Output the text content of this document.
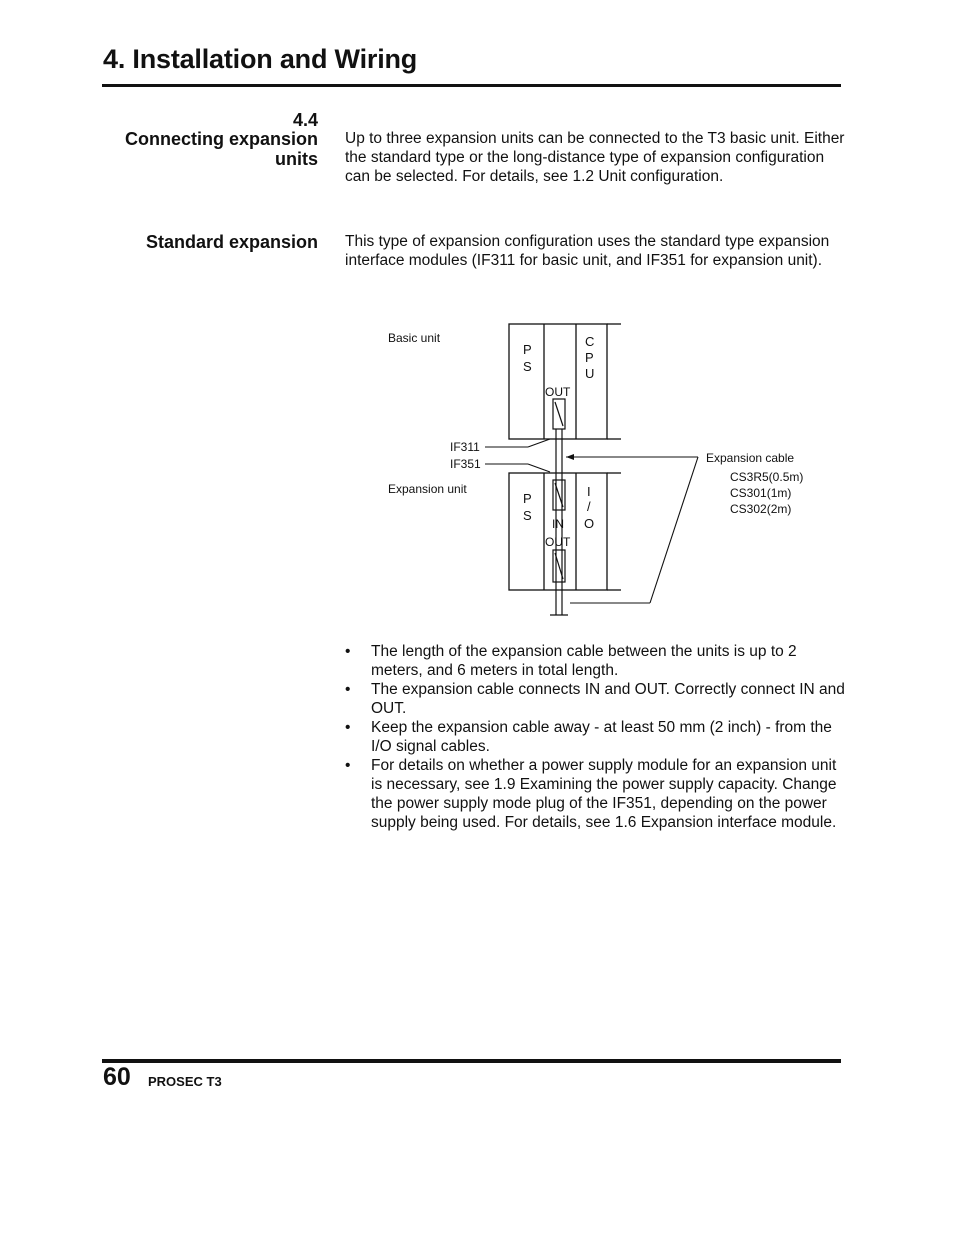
4. Installation and Wiring
4.4
Connecting expansion
units

Up to three expansion units can be connected to the T3 basic unit. Either the standard type or the long-distance type of expansion configuration can be selected. For details, see 1.2 Unit configuration.

Standard expansion This type of expansion configuration uses the standard type expansion interface modules (IF311 for basic unit, and IF351 for expansion unit).

Basic unit
Expansion unit
IF311
IF351
P
S
C
P
U
OUT
P
S
I
/
O
IN
OUT
Expansion cable
CS3R5(0.5m)
CS301(1m)
CS302(2m)
• The length of the expansion cable between the units is up to 2 meters, and 6 meters in total length.
• The expansion cable connects IN and OUT. Correctly connect IN and OUT.
• Keep the expansion cable away - at least 50 mm (2 inch) - from the I/O signal cables.
• For details on whether a power supply module for an expansion unit is necessary, see 1.9 Examining the power supply capacity. Change the power supply mode plug of the IF351, depending on the power supply being used. For details, see 1.6 Expansion interface module.
60 PROSEC T3
